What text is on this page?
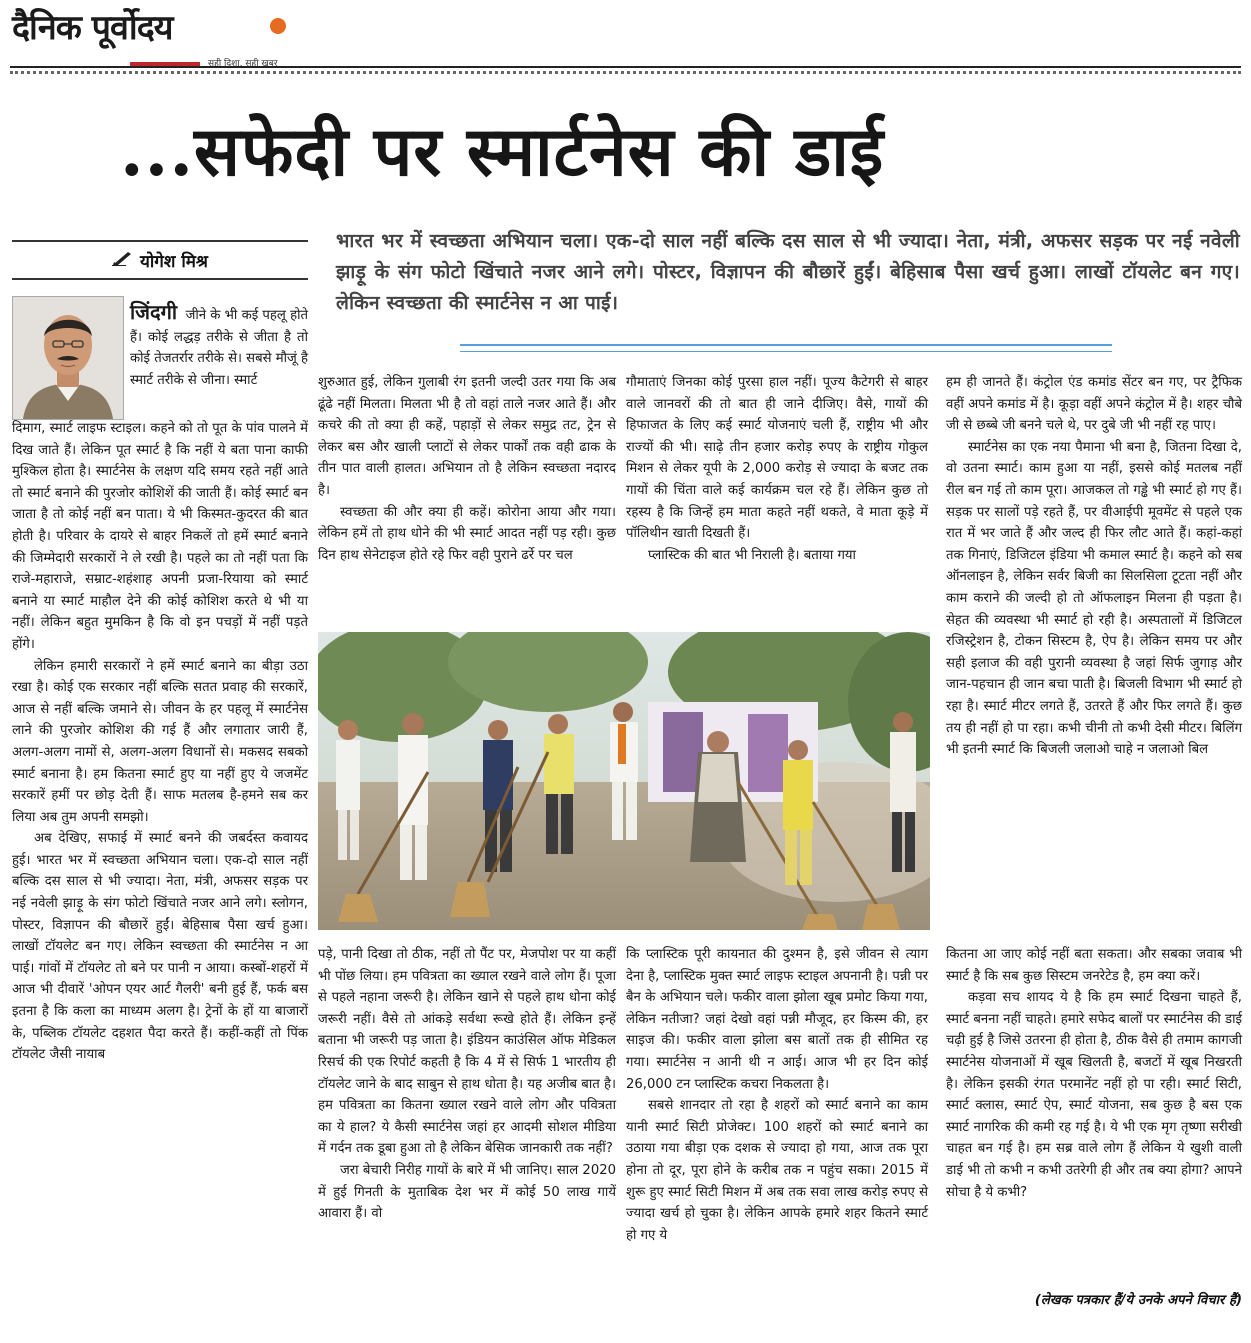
दैनिक पूर्वोदय
सही दिशा, सही खबर
...सफेदी पर स्मार्टनेस की डाई
योगेश मिश्र
भारत भर में स्वच्छता अभियान चला। एक-दो साल नहीं बल्कि दस साल से भी ज्यादा। नेता, मंत्री, अफसर सड़क पर नई नवेली झाड़ू के संग फोटो खिंचाते नजर आने लगे। पोस्टर, विज्ञापन की बौछारें हुईं। बेहिसाब पैसा खर्च हुआ। लाखों टॉयलेट बन गए। लेकिन स्वच्छता की स्मार्टनेस न आ पाई।

जिंदगी जीने के भी कई पहलू होते हैं। कोई लद्धड़ तरीके से जीता है तो कोई तेजतर्रार तरीके से। सबसे मौजूं है स्मार्ट तरीके से जीना। स्मार्ट

दिमाग, स्मार्ट लाइफ स्टाइल। कहने को तो पूत के पांव पालने में दिख जाते हैं। लेकिन पूत स्मार्ट है कि नहीं ये बता पाना काफी मुश्किल होता है। स्मार्टनेस के लक्षण यदि समय रहते नहीं आते तो स्मार्ट बनाने की पुरजोर कोशिशें की जाती हैं। कोई स्मार्ट बन जाता है तो कोई नहीं बन पाता। ये भी किस्मत-कुदरत की बात होती है। परिवार के दायरे से बाहर निकलें तो हमें स्मार्ट बनाने की जिम्मेदारी सरकारों ने ले रखी है। पहले का तो नहीं पता कि राजे-महाराजे, सम्राट-शहंशाह अपनी प्रजा-रियाया को स्मार्ट बनाने या स्मार्ट माहौल देने की कोई कोशिश करते थे भी या नहीं। लेकिन बहुत मुमकिन है कि वो इन पचड़ों में नहीं पड़ते होंगे।

लेकिन हमारी सरकारों ने हमें स्मार्ट बनाने का बीड़ा उठा रखा है। कोई एक सरकार नहीं बल्कि सतत प्रवाह की सरकारें, आज से नहीं बल्कि जमाने से। जीवन के हर पहलू में स्मार्टनेस लाने की पुरजोर कोशिश की गई हैं और लगातार जारी हैं, अलग-अलग नामों से, अलग-अलग विधानों से। मकसद सबको स्मार्ट बनाना है। हम कितना स्मार्ट हुए या नहीं हुए ये जजमेंट सरकारें हमीं पर छोड़ देती हैं। साफ मतलब है-हमने सब कर लिया अब तुम अपनी समझो।

अब देखिए, सफाई में स्मार्ट बनने की जबर्दस्त कवायद हुई। भारत भर में स्वच्छता अभियान चला। एक-दो साल नहीं बल्कि दस साल से भी ज्यादा। नेता, मंत्री, अफसर सड़क पर नई नवेली झाड़ू के संग फोटो खिंचाते नजर आने लगे। स्लोगन, पोस्टर, विज्ञापन की बौछारें हुईं। बेहिसाब पैसा खर्च हुआ। लाखों टॉयलेट बन गए। लेकिन स्वच्छता की स्मार्टनेस न आ पाई। गांवों में टॉयलेट तो बने पर पानी न आया। कस्बों-शहरों में आज भी दीवारें 'ओपन एयर आर्ट गैलरी' बनी हुई हैं, फर्क बस इतना है कि कला का माध्यम अलग है। ट्रेनों के हों या बाजारों के, पब्लिक टॉयलेट दहशत पैदा करते हैं। कहीं-कहीं तो पिंक टॉयलेट जैसी नायाब

शुरुआत हुई, लेकिन गुलाबी रंग इतनी जल्दी उतर गया कि अब ढूंढे नहीं मिलता। मिलता भी है तो वहां ताले नजर आते हैं। और कचरे की तो क्या ही कहें, पहाड़ों से लेकर समुद्र तट, ट्रेन से लेकर बस और खाली प्लाटों से लेकर पार्कों तक वही ढाक के तीन पात वाली हालत। अभियान तो है लेकिन स्वच्छता नदारद है।

स्वच्छता की और क्या ही कहें। कोरोना आया और गया। लेकिन हमें तो हाथ धोने की भी स्मार्ट आदत नहीं पड़ रही। कुछ दिन हाथ सेनेटाइज होते रहे फिर वही पुराने ढर्रे पर चल

गौमाताएं जिनका कोई पुरसा हाल नहीं। पूज्य कैटेगरी से बाहर वाले जानवरों की तो बात ही जाने दीजिए। वैसे, गायों की हिफाजत के लिए कई स्मार्ट योजनाएं चली हैं, राष्ट्रीय भी और राज्यों की भी। साढ़े तीन हजार करोड़ रुपए के राष्ट्रीय गोकुल मिशन से लेकर यूपी के 2,000 करोड़ से ज्यादा के बजट तक गायों की चिंता वाले कई कार्यक्रम चल रहे हैं। लेकिन कुछ तो रहस्य है कि जिन्हें हम माता कहते नहीं थकते, वे माता कूड़े में पॉलिथीन खाती दिखती हैं।

प्लास्टिक की बात भी निराली है। बताया गया

हम ही जानते हैं। कंट्रोल एंड कमांड सेंटर बन गए, पर ट्रैफिक वहीं अपने कमांड में है। कूड़ा वहीं अपने कंट्रोल में है। शहर चौबे जी से छब्बे जी बनने चले थे, पर दुबे जी भी नहीं रह पाए।

स्मार्टनेस का एक नया पैमाना भी बना है, जितना दिखा दे, वो उतना स्मार्ट। काम हुआ या नहीं, इससे कोई मतलब नहीं रील बन गई तो काम पूरा। आजकल तो गड्ढे भी स्मार्ट हो गए हैं। सड़क पर सालों पड़े रहते हैं, पर वीआईपी मूवमेंट से पहले एक रात में भर जाते हैं और जल्द ही फिर लौट आते हैं। कहां-कहां तक गिनाएं, डिजिटल इंडिया भी कमाल स्मार्ट है। कहने को सब ऑनलाइन है, लेकिन सर्वर बिजी का सिलसिला टूटता नहीं और काम कराने की जल्दी हो तो ऑफलाइन मिलना ही पड़ता है। सेहत की व्यवस्था भी स्मार्ट हो रही है। अस्पतालों में डिजिटल रजिस्ट्रेशन है, टोकन सिस्टम है, ऐप है। लेकिन समय पर और सही इलाज की वही पुरानी व्यवस्था है जहां सिर्फ जुगाड़ और जान-पहचान ही जान बचा पाती है। बिजली विभाग भी स्मार्ट हो रहा है। स्मार्ट मीटर लगते हैं, उतरते हैं और फिर लगते हैं। कुछ तय ही नहीं हो पा रहा। कभी चीनी तो कभी देसी मीटर। बिलिंग भी इतनी स्मार्ट कि बिजली जलाओ चाहे न जलाओ बिल

पड़े, पानी दिखा तो ठीक, नहीं तो पैंट पर, मेजपोश पर या कहीं भी पोंछ लिया। हम पवित्रता का ख्याल रखने वाले लोग हैं। पूजा से पहले नहाना जरूरी है। लेकिन खाने से पहले हाथ धोना कोई जरूरी नहीं। वैसे तो आंकड़े सर्वथा रूखे होते हैं। लेकिन इन्हें बताना भी जरूरी पड़ जाता है। इंडियन काउंसिल ऑफ मेडिकल रिसर्च की एक रिपोर्ट कहती है कि 4 में से सिर्फ 1 भारतीय ही टॉयलेट जाने के बाद साबुन से हाथ धोता है। यह अजीब बात है। हम पवित्रता का कितना ख्याल रखने वाले लोग और पवित्रता का ये हाल? ये कैसी स्मार्टनेस जहां हर आदमी सोशल मीडिया में गर्दन तक डूबा हुआ तो है लेकिन बेसिक जानकारी तक नहीं?

जरा बेचारी निरीह गायों के बारे में भी जानिए। साल 2020 में हुई गिनती के मुताबिक देश भर में कोई 50 लाख गायें आवारा हैं। वो

कि प्लास्टिक पूरी कायनात की दुश्मन है, इसे जीवन से त्याग देना है, प्लास्टिक मुक्त स्मार्ट लाइफ स्टाइल अपनानी है। पन्नी पर बैन के अभियान चले। फकीर वाला झोला खूब प्रमोट किया गया, लेकिन नतीजा? जहां देखो वहां पन्नी मौजूद, हर किस्म की, हर साइज की। फकीर वाला झोला बस बातों तक ही सीमित रह गया। स्मार्टनेस न आनी थी न आई। आज भी हर दिन कोई 26,000 टन प्लास्टिक कचरा निकलता है।

सबसे शानदार तो रहा है शहरों को स्मार्ट बनाने का काम यानी स्मार्ट सिटी प्रोजेक्ट। 100 शहरों को स्मार्ट बनाने का उठाया गया बीड़ा एक दशक से ज्यादा हो गया, आज तक पूरा होना तो दूर, पूरा होने के करीब तक न पहुंच सका। 2015 में शुरू हुए स्मार्ट सिटी मिशन में अब तक सवा लाख करोड़ रुपए से ज्यादा खर्च हो चुका है। लेकिन आपके हमारे शहर कितने स्मार्ट हो गए ये

कितना आ जाए कोई नहीं बता सकता। और सबका जवाब भी स्मार्ट है कि सब कुछ सिस्टम जनरेटेड है, हम क्या करें।

कड़वा सच शायद ये है कि हम स्मार्ट दिखना चाहते हैं, स्मार्ट बनना नहीं चाहते। हमारे सफेद बालों पर स्मार्टनेस की डाई चढ़ी हुई है जिसे उतरना ही होता है, ठीक वैसे ही तमाम कागजी स्मार्टनेस योजनाओं में खूब खिलती है, बजटों में खूब निखरती है। लेकिन इसकी रंगत परमानेंट नहीं हो पा रही। स्मार्ट सिटी, स्मार्ट क्लास, स्मार्ट ऐप, स्मार्ट योजना, सब कुछ है बस एक स्मार्ट नागरिक की कमी रह गई है। ये भी एक मृग तृष्णा सरीखी चाहत बन गई है। हम सब्र वाले लोग हैं लेकिन ये खुशी वाली डाई भी तो कभी न कभी उतरेगी ही और तब क्या होगा? आपने सोचा है ये कभी?

(लेखक पत्रकार हैं/ये उनके अपने विचार हैं)
